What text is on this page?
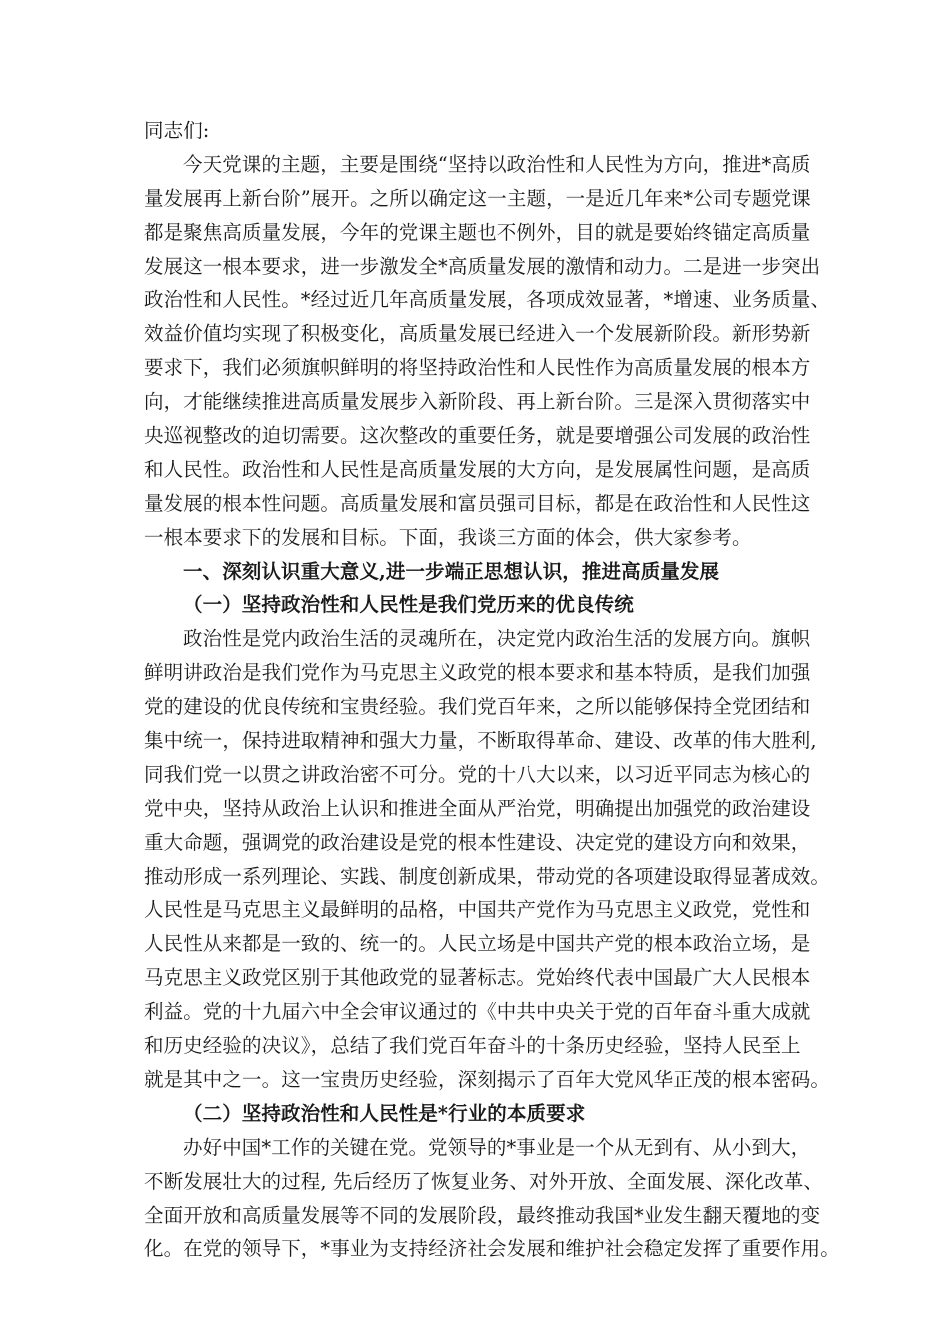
同志们:
今天党课的主题，主要是围绕“坚持以政治性和人民性为方向，推进*高质
量发展再上新台阶”展开。之所以确定这一主题，一是近几年来*公司专题党课
都是聚焦高质量发展，今年的党课主题也不例外，目的就是要始终锚定高质量
发展这一根本要求，进一步激发全*高质量发展的激情和动力。二是进一步突出
政治性和人民性。*经过近几年高质量发展，各项成效显著，*增速、业务质量、
效益价值均实现了积极变化，高质量发展已经进入一个发展新阶段。新形势新
要求下，我们必须旗帜鲜明的将坚持政治性和人民性作为高质量发展的根本方
向，才能继续推进高质量发展步入新阶段、再上新台阶。三是深入贯彻落实中
央巡视整改的迫切需要。这次整改的重要任务，就是要增强公司发展的政治性
和人民性。政治性和人民性是高质量发展的大方向，是发展属性问题，是高质
量发展的根本性问题。高质量发展和富员强司目标，都是在政治性和人民性这
一根本要求下的发展和目标。下面，我谈三方面的体会，供大家参考。
一、深刻认识重大意义,进一步端正思想认识，推进高质量发展
（一）坚持政治性和人民性是我们党历来的优良传统
政治性是党内政治生活的灵魂所在，决定党内政治生活的发展方向。旗帜
鲜明讲政治是我们党作为马克思主义政党的根本要求和基本特质，是我们加强
党的建设的优良传统和宝贵经验。我们党百年来，之所以能够保持全党团结和
集中统一，保持进取精神和强大力量，不断取得革命、建设、改革的伟大胜利,
同我们党一以贯之讲政治密不可分。党的十八大以来，以习近平同志为核心的
党中央，坚持从政治上认识和推进全面从严治党，明确提出加强党的政治建设
重大命题，强调党的政治建设是党的根本性建设、决定党的建设方向和效果，
推动形成一系列理论、实践、制度创新成果，带动党的各项建设取得显著成效。
人民性是马克思主义最鲜明的品格，中国共产党作为马克思主义政党，党性和
人民性从来都是一致的、统一的。人民立场是中国共产党的根本政治立场，是
马克思主义政党区别于其他政党的显著标志。党始终代表中国最广大人民根本
利益。党的十九届六中全会审议通过的《中共中央关于党的百年奋斗重大成就
和历史经验的决议》，总结了我们党百年奋斗的十条历史经验，坚持人民至上
就是其中之一。这一宝贵历史经验，深刻揭示了百年大党风华正茂的根本密码。
（二）坚持政治性和人民性是*行业的本质要求
办好中国*工作的关键在党。党领导的*事业是一个从无到有、从小到大，
不断发展壮大的过程, 先后经历了恢复业务、对外开放、全面发展、深化改革、
全面开放和高质量发展等不同的发展阶段，最终推动我国*业发生翻天覆地的变
化。在党的领导下，*事业为支持经济社会发展和维护社会稳定发挥了重要作用。
